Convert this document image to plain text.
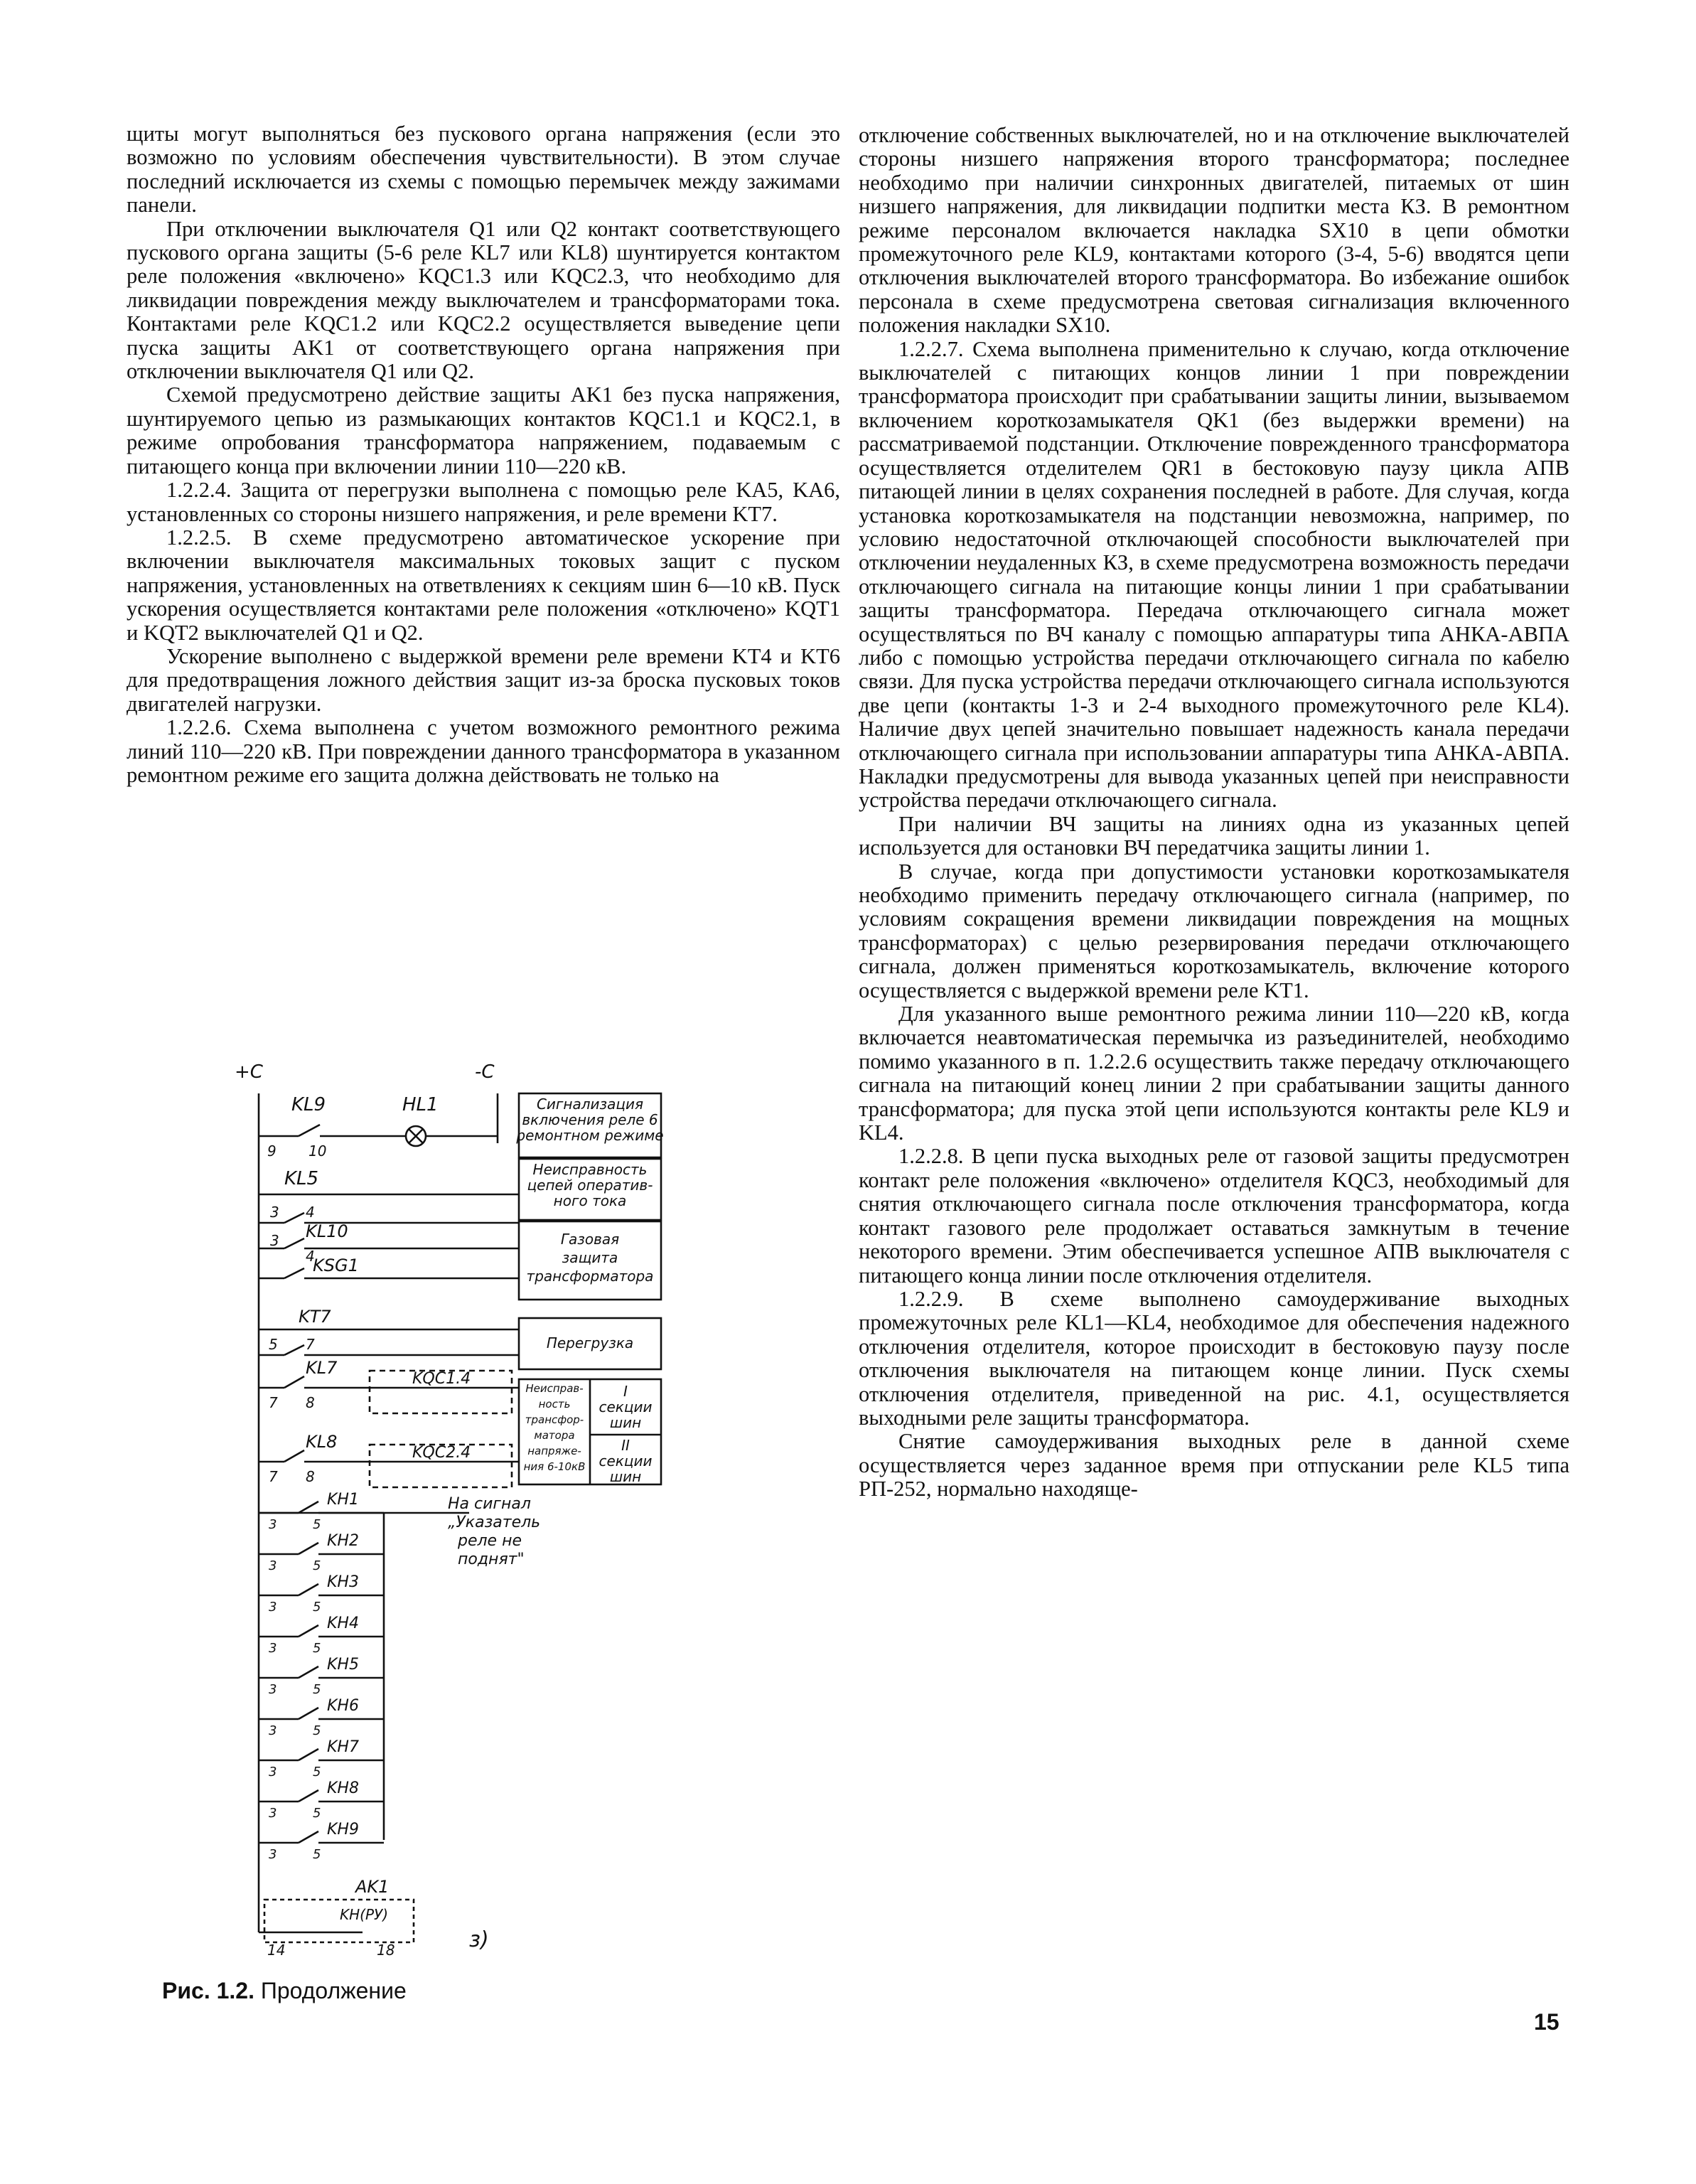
щиты могут выполняться без пускового органа напряжения (если это возможно по условиям обеспечения чувствительности). В этом случае последний исключается из схемы с помощью перемычек между зажимами панели.

При отключении выключателя Q1 или Q2 контакт соответствующего пускового органа защиты (5-6 реле KL7 или KL8) шунтируется контактом реле положения «включено» KQC1.3 или KQC2.3, что необходимо для ликвидации повреждения между выключателем и трансформаторами тока. Контактами реле KQC1.2 или KQC2.2 осуществляется выведение цепи пуска защиты AK1 от соответствующего органа напряжения при отключении выключателя Q1 или Q2.

Схемой предусмотрено действие защиты AK1 без пуска напряжения, шунтируемого цепью из размыкающих контактов KQC1.1 и KQC2.1, в режиме опробования трансформатора напряжением, подаваемым с питающего конца при включении линии 110—220 кВ.

1.2.2.4. Защита от перегрузки выполнена с помощью реле KA5, KA6, установленных со стороны низшего напряжения, и реле времени KT7.

1.2.2.5. В схеме предусмотрено автоматическое ускорение при включении выключателя максимальных токовых защит с пуском напряжения, установленных на ответвлениях к секциям шин 6—10 кВ. Пуск ускорения осуществляется контактами реле положения «отключено» KQT1 и KQT2 выключателей Q1 и Q2.

Ускорение выполнено с выдержкой времени реле времени KT4 и KT6 для предотвращения ложного действия защит из-за броска пусковых токов двигателей нагрузки.

1.2.2.6. Схема выполнена с учетом возможного ремонтного режима линий 110—220 кВ. При повреждении данного трансформатора в указанном ремонтном режиме его защита должна действовать не только на

отключение собственных выключателей, но и на отключение выключателей стороны низшего напряжения второго трансформатора; последнее необходимо при наличии синхронных двигателей, питаемых от шин низшего напряжения, для ликвидации подпитки места КЗ. В ремонтном режиме персоналом включается накладка SX10 в цепи обмотки промежуточного реле KL9, контактами которого (3-4, 5-6) вводятся цепи отключения выключателей второго трансформатора. Во избежание ошибок персонала в схеме предусмотрена световая сигнализация включенного положения накладки SX10.

1.2.2.7. Схема выполнена применительно к случаю, когда отключение выключателей с питающих концов линии 1 при повреждении трансформатора происходит при срабатывании защиты линии, вызываемом включением короткозамыкателя QK1 (без выдержки времени) на рассматриваемой подстанции. Отключение поврежденного трансформатора осуществляется отделителем QR1 в бестоковую паузу цикла АПВ питающей линии в целях сохранения последней в работе. Для случая, когда установка короткозамыкателя на подстанции невозможна, например, по условию недостаточной отключающей способности выключателей при отключении неудаленных КЗ, в схеме предусмотрена возможность передачи отключающего сигнала на питающие концы линии 1 при срабатывании защиты трансформатора. Передача отключающего сигнала может осуществляться по ВЧ каналу с помощью аппаратуры типа АНКА-АВПА либо с помощью устройства передачи отключающего сигнала по кабелю связи. Для пуска устройства передачи отключающего сигнала используются две цепи (контакты 1-3 и 2-4 выходного промежуточного реле KL4). Наличие двух цепей значительно повышает надежность канала передачи отключающего сигнала при использовании аппаратуры типа АНКА-АВПА. Накладки предусмотрены для вывода указанных цепей при неисправности устройства передачи отключающего сигнала.

При наличии ВЧ защиты на линиях одна из указанных цепей используется для остановки ВЧ передатчика защиты линии 1.

В случае, когда при допустимости установки короткозамыкателя необходимо применить передачу отключающего сигнала (например, по условиям сокращения времени ликвидации повреждения на мощных трансформаторах) с целью резервирования передачи отключающего сигнала, должен применяться короткозамыкатель, включение которого осуществляется с выдержкой времени реле KT1.

Для указанного выше ремонтного режима линии 110—220 кВ, когда включается неавтоматическая перемычка из разъединителей, необходимо помимо указанного в п. 1.2.2.6 осуществить также передачу отключающего сигнала на питающий конец линии 2 при срабатывании защиты данного трансформатора; для пуска этой цепи используются контакты реле KL9 и KL4.

1.2.2.8. В цепи пуска выходных реле от газовой защиты предусмотрен контакт реле положения «включено» отделителя KQC3, необходимый для снятия отключающего сигнала после отключения трансформатора, когда контакт газового реле продолжает оставаться замкнутым в течение некоторого времени. Этим обеспечивается успешное АПВ выключателя с питающего конца линии после отключения отделителя.

1.2.2.9. В схеме выполнено самоудерживание выходных промежуточных реле KL1—KL4, необходимое для обеспечения надежного отключения отделителя, которое происходит в бестоковую паузу после отключения выключателя на питающем конце линии. Пуск схемы отключения отделителя, приведенной на рис. 4.1, осуществляется выходными реле защиты трансформатора.

Снятие самоудерживания выходных реле в данной схеме осуществляется через заданное время при отпускании реле KL5 типа РП-252, нормально находяще-

+C	-C
KL9
9 10
HL1
KL5
3 4
KL10
3
4
KSG1
KT7
5 7
KL7
7 8
KQC1.4
KL8
7 8
KQC2.4
Сигнализация
включения реле 6
ремонтном режиме
Неисправность
цепей оператив-
ного тока
Газовая
защита
трансформатора
Перегрузка
Неисправ-
ность
трансфор-
матора
напряже-
ния 6-10кВ
I
секции
шин
II
секции
шин
KH1
3	5
KH2
3	5
KH3
3	5
KH4
3	5
KH5
3	5
KH6
3	5
KH7
3	5
KH8
3	5
KH9
3	5
На сигнал
„Указатель
реле не
поднят"
AK1
KH(РУ)
14	18	з)
Рис. 1.2. Продолжение
15
